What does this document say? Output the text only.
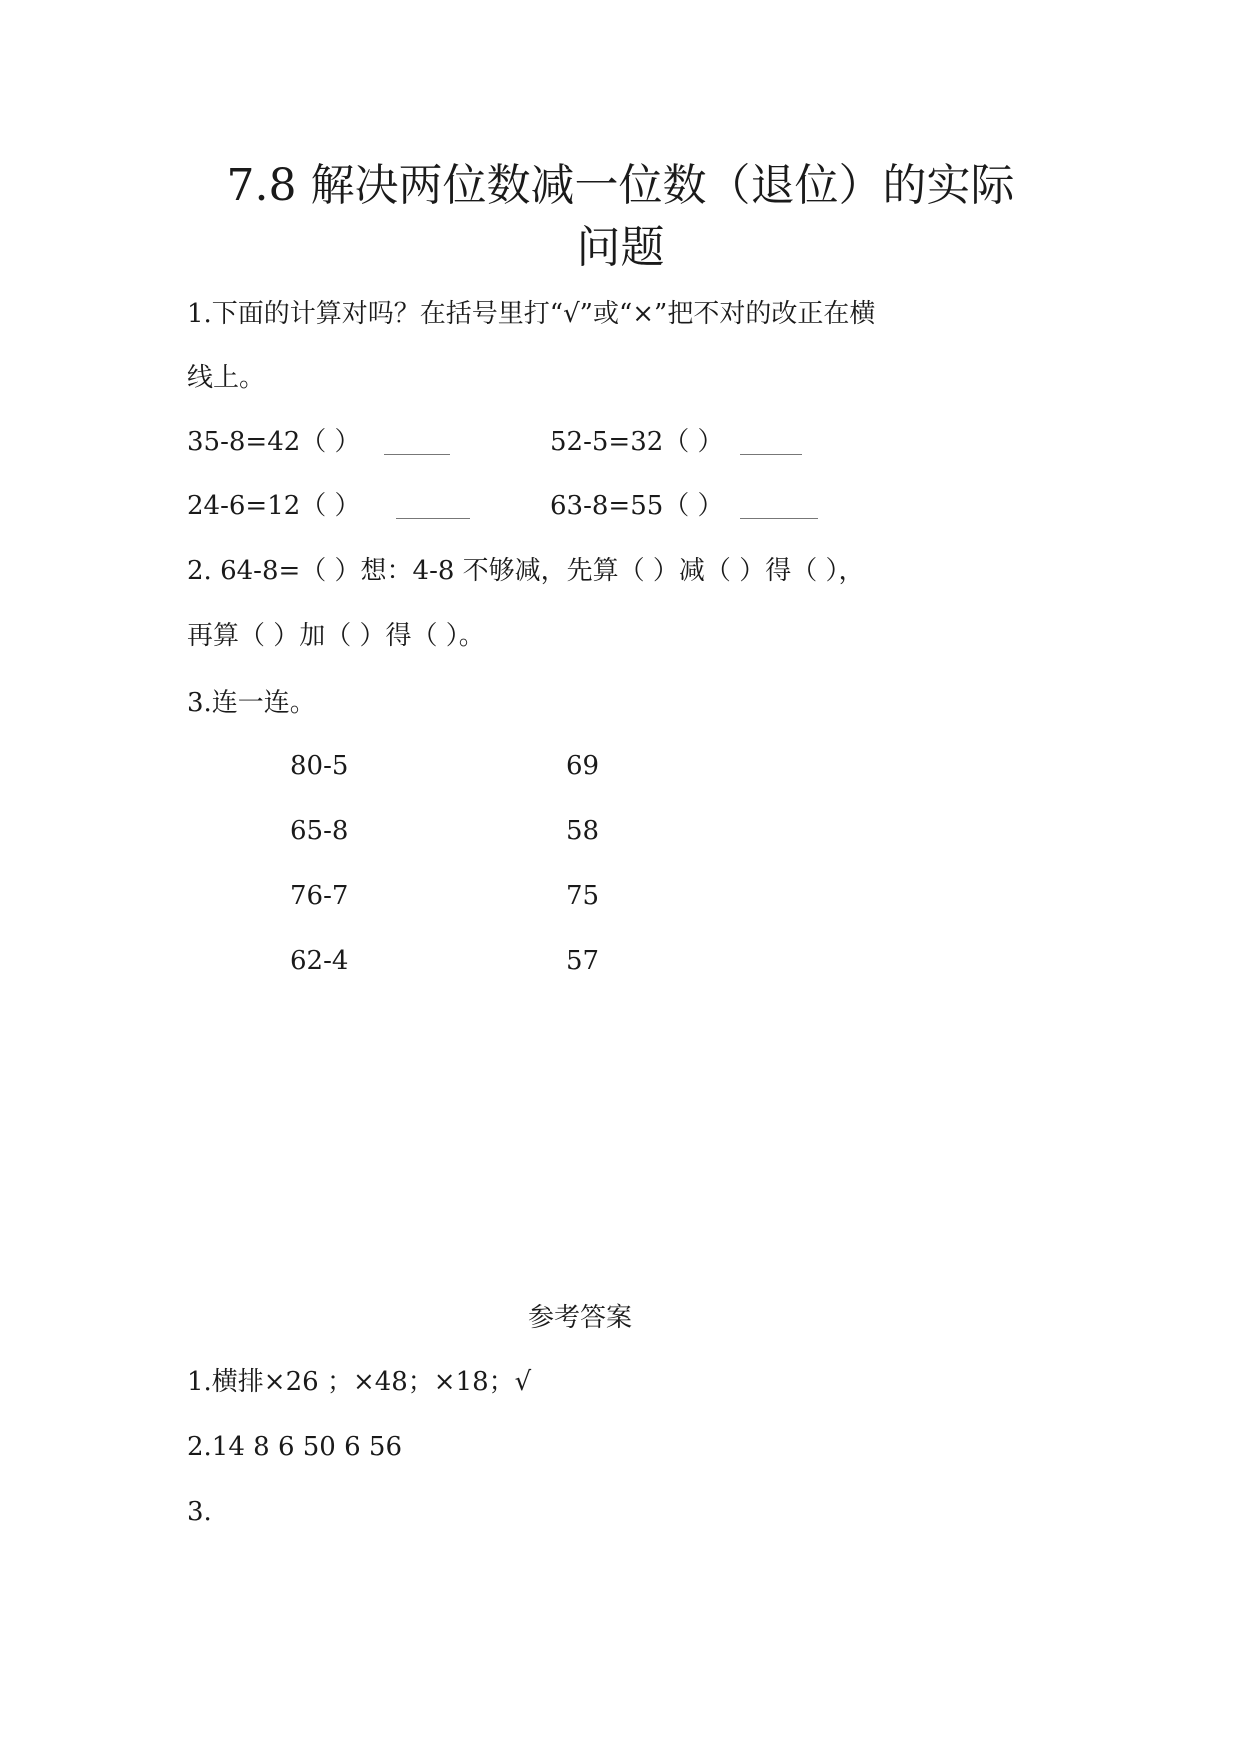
7.8 解决两位数减一位数（退位）的实际
问题
1.下面的计算对吗？在括号里打“√”或“×”把不对的改正在横
线上。
35-8=42（ ）	52-5=32（ ）
24-6=12（ ）	63-8=55（ ）
2. 64-8=（ ）想：4-8 不够减，先算（ ）减（ ）得（ ），
再算（ ）加（ ）得（ ）。
3.连一连。
80-5
65-8
76-7
62-4
69
58
75
57
参考答案
1.横排×26 ；×48；×18；√
2.14 8 6 50 6 56
3.
